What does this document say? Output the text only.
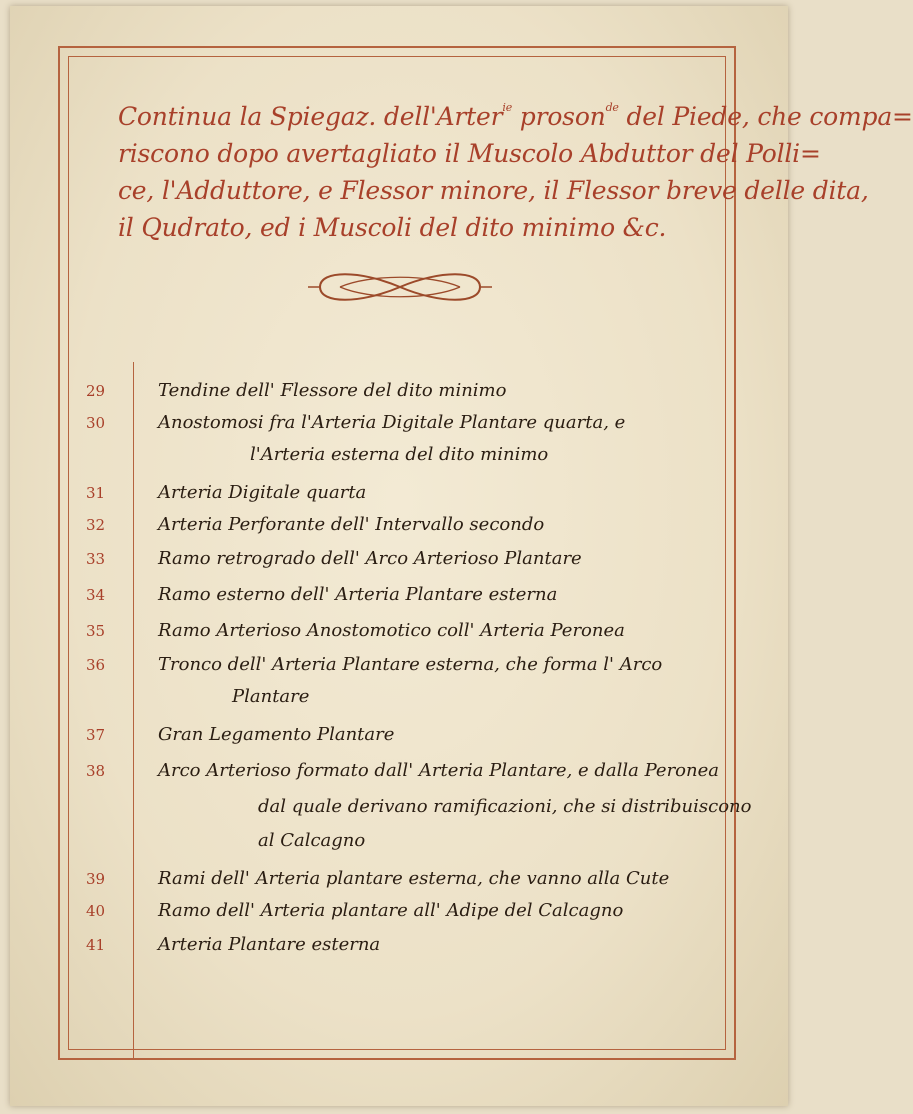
Continua la Spiegaz. dell'Arter$^{ie}$ proson$^{de}$ del Piede, che compa=
riscono dopo avertagliato il Muscolo Abduttor del Polli=
ce, l'Adduttore, e Flessor minore, il Flessor breve delle dita,
il Qudrato, ed i Muscoli del dito minimo &c.
29	Tendine dell' Flessore del dito minimo
30	Anostomosi fra l'Arteria Digitale Plantare quarta, e
l'Arteria esterna del dito minimo
31	Arteria Digitale quarta
32	Arteria Perforante dell' Intervallo secondo
33	Ramo retrogrado dell' Arco Arterioso Plantare
34	Ramo esterno dell' Arteria Plantare esterna
35	Ramo Arterioso Anostomotico coll' Arteria Peronea
36	Tronco dell' Arteria Plantare esterna, che forma l' Arco
Plantare
37	Gran Legamento Plantare
38	Arco Arterioso formato dall' Arteria Plantare, e dalla Peronea
dal quale derivano ramificazioni, che si distribuiscono
al Calcagno
39	Rami dell' Arteria plantare esterna, che vanno alla Cute
40	Ramo dell' Arteria plantare all' Adipe del Calcagno
41	Arteria Plantare esterna
